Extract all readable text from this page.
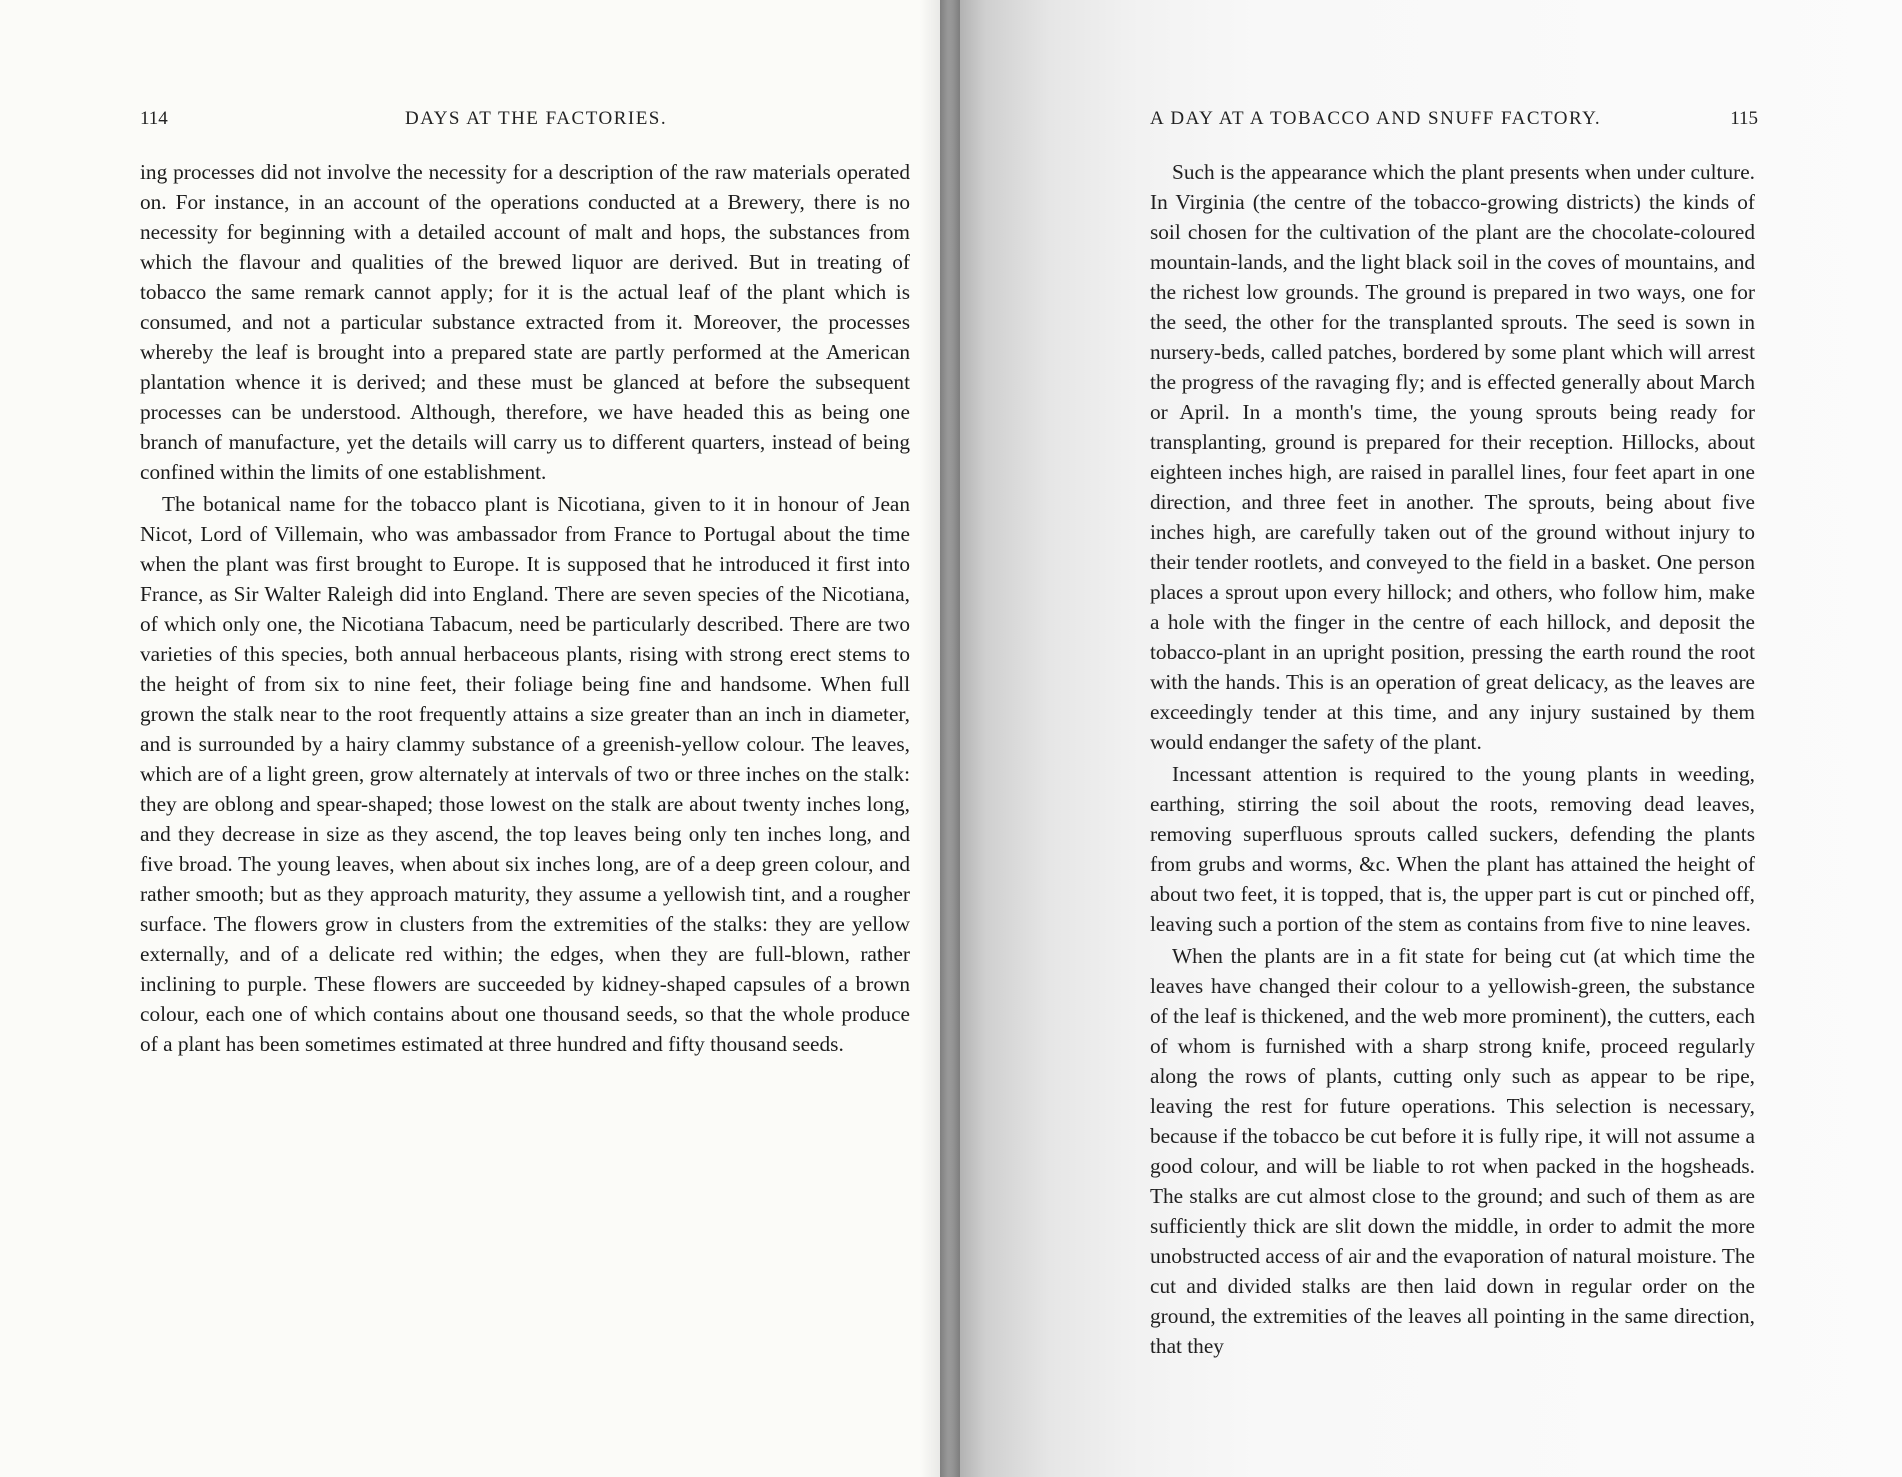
114	DAYS AT THE FACTORIES.

ing processes did not involve the necessity for a description of the raw materials operated on. For instance, in an account of the operations conducted at a Brewery, there is no necessity for beginning with a detailed account of malt and hops, the substances from which the flavour and qualities of the brewed liquor are derived. But in treating of tobacco the same remark cannot apply; for it is the actual leaf of the plant which is consumed, and not a particular substance extracted from it. Moreover, the processes whereby the leaf is brought into a prepared state are partly performed at the American plantation whence it is derived; and these must be glanced at before the subsequent processes can be understood. Although, therefore, we have headed this as being one branch of manufacture, yet the details will carry us to different quarters, instead of being confined within the limits of one establishment.

The botanical name for the tobacco plant is Nicotiana, given to it in honour of Jean Nicot, Lord of Villemain, who was ambassador from France to Portugal about the time when the plant was first brought to Europe. It is supposed that he introduced it first into France, as Sir Walter Raleigh did into England. There are seven species of the Nicotiana, of which only one, the Nicotiana Tabacum, need be particularly described. There are two varieties of this species, both annual herbaceous plants, rising with strong erect stems to the height of from six to nine feet, their foliage being fine and handsome. When full grown the stalk near to the root frequently attains a size greater than an inch in diameter, and is surrounded by a hairy clammy substance of a greenish-yellow colour. The leaves, which are of a light green, grow alternately at intervals of two or three inches on the stalk: they are oblong and spear-shaped; those lowest on the stalk are about twenty inches long, and they decrease in size as they ascend, the top leaves being only ten inches long, and five broad. The young leaves, when about six inches long, are of a deep green colour, and rather smooth; but as they approach maturity, they assume a yellowish tint, and a rougher surface. The flowers grow in clusters from the extremities of the stalks: they are yellow externally, and of a delicate red within; the edges, when they are full-blown, rather inclining to purple. These flowers are succeeded by kidney-shaped capsules of a brown colour, each one of which contains about one thousand seeds, so that the whole produce of a plant has been sometimes estimated at three hundred and fifty thousand seeds.

A DAY AT A TOBACCO AND SNUFF FACTORY.	115

Such is the appearance which the plant presents when under culture. In Virginia (the centre of the tobacco-growing districts) the kinds of soil chosen for the cultivation of the plant are the chocolate-coloured mountain-lands, and the light black soil in the coves of mountains, and the richest low grounds. The ground is prepared in two ways, one for the seed, the other for the transplanted sprouts. The seed is sown in nursery-beds, called patches, bordered by some plant which will arrest the progress of the ravaging fly; and is effected generally about March or April. In a month's time, the young sprouts being ready for transplanting, ground is prepared for their reception. Hillocks, about eighteen inches high, are raised in parallel lines, four feet apart in one direction, and three feet in another. The sprouts, being about five inches high, are carefully taken out of the ground without injury to their tender rootlets, and conveyed to the field in a basket. One person places a sprout upon every hillock; and others, who follow him, make a hole with the finger in the centre of each hillock, and deposit the tobacco-plant in an upright position, pressing the earth round the root with the hands. This is an operation of great delicacy, as the leaves are exceedingly tender at this time, and any injury sustained by them would endanger the safety of the plant.

Incessant attention is required to the young plants in weeding, earthing, stirring the soil about the roots, removing dead leaves, removing superfluous sprouts called suckers, defending the plants from grubs and worms, &c. When the plant has attained the height of about two feet, it is topped, that is, the upper part is cut or pinched off, leaving such a portion of the stem as contains from five to nine leaves.

When the plants are in a fit state for being cut (at which time the leaves have changed their colour to a yellowish-green, the substance of the leaf is thickened, and the web more prominent), the cutters, each of whom is furnished with a sharp strong knife, proceed regularly along the rows of plants, cutting only such as appear to be ripe, leaving the rest for future operations. This selection is necessary, because if the tobacco be cut before it is fully ripe, it will not assume a good colour, and will be liable to rot when packed in the hogsheads. The stalks are cut almost close to the ground; and such of them as are sufficiently thick are slit down the middle, in order to admit the more unobstructed access of air and the evaporation of natural moisture. The cut and divided stalks are then laid down in regular order on the ground, the extremities of the leaves all pointing in the same direction, that they
